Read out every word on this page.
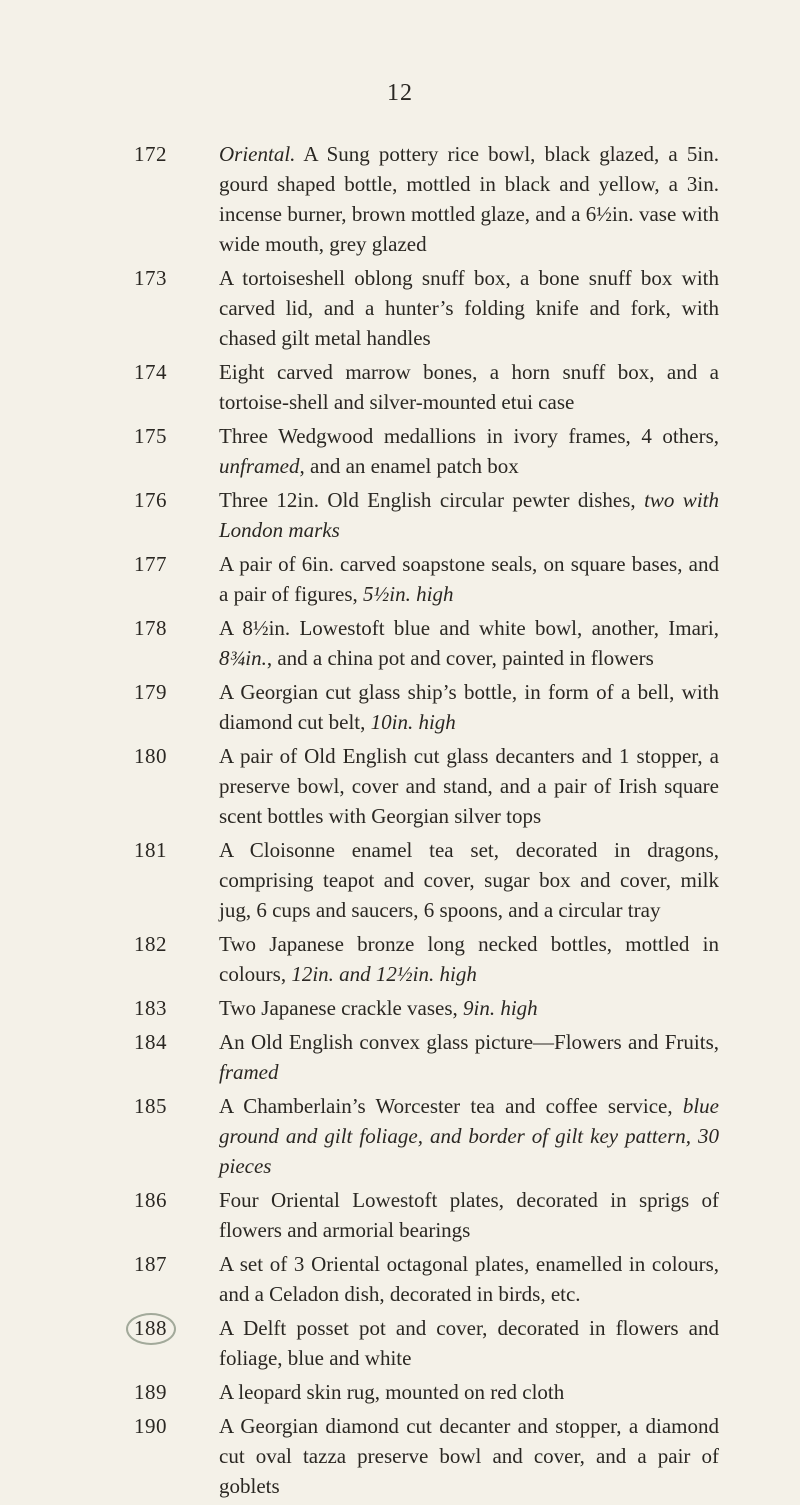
12
172 Oriental. A Sung pottery rice bowl, black glazed, a 5in. gourd shaped bottle, mottled in black and yellow, a 3in. incense burner, brown mottled glaze, and a 6½in. vase with wide mouth, grey glazed
173 A tortoiseshell oblong snuff box, a bone snuff box with carved lid, and a hunter’s folding knife and fork, with chased gilt metal handles
174 Eight carved marrow bones, a horn snuff box, and a tortoise-shell and silver-mounted etui case
175 Three Wedgwood medallions in ivory frames, 4 others, unframed, and an enamel patch box
176 Three 12in. Old English circular pewter dishes, two with London marks
177 A pair of 6in. carved soapstone seals, on square bases, and a pair of figures, 5½in. high
178 A 8½in. Lowestoft blue and white bowl, another, Imari, 8¾in., and a china pot and cover, painted in flowers
179 A Georgian cut glass ship’s bottle, in form of a bell, with diamond cut belt, 10in. high
180 A pair of Old English cut glass decanters and 1 stopper, a preserve bowl, cover and stand, and a pair of Irish square scent bottles with Georgian silver tops
181 A Cloisonne enamel tea set, decorated in dragons, comprising teapot and cover, sugar box and cover, milk jug, 6 cups and saucers, 6 spoons, and a circular tray
182 Two Japanese bronze long necked bottles, mottled in colours, 12in. and 12½in. high
183 Two Japanese crackle vases, 9in. high
184 An Old English convex glass picture—Flowers and Fruits, framed
185 A Chamberlain’s Worcester tea and coffee service, blue ground and gilt foliage, and border of gilt key pattern, 30 pieces
186 Four Oriental Lowestoft plates, decorated in sprigs of flowers and armorial bearings
187 A set of 3 Oriental octagonal plates, enamelled in colours, and a Celadon dish, decorated in birds, etc.
188 A Delft posset pot and cover, decorated in flowers and foliage, blue and white
189 A leopard skin rug, mounted on red cloth
190 A Georgian diamond cut decanter and stopper, a diamond cut oval tazza preserve bowl and cover, and a pair of goblets
